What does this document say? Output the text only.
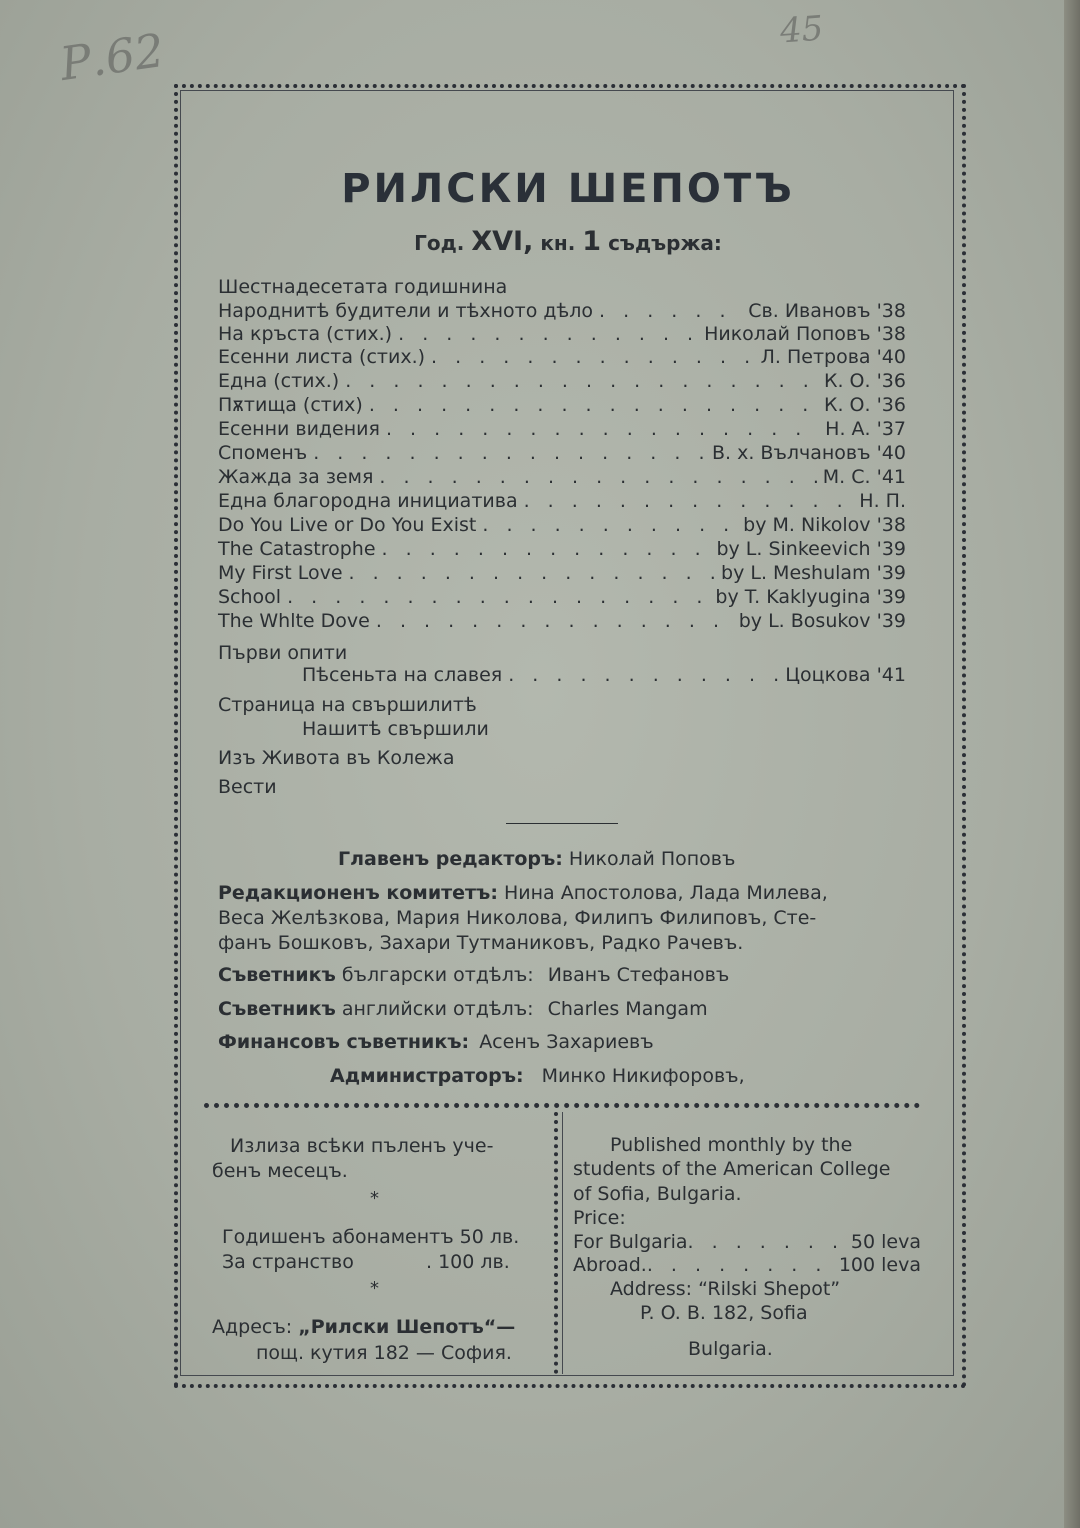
Р.62	45
РИЛСКИ ШЕПОТЪ
Год. XVI, кн. 1 съдържа:
Шестнадесетата годишнина
Народнитѣ будители и тѣхното дѣло . . .	Св. Ивановъ '38
На кръста (стих.) . . .	Николай Поповъ '38
Есенни листа (стих.) . . .	Л. Петрова '40
Една (стих.) . . .	К. О. '36
Пѫтища (стих) . . .	К. О. '36
Есенни видения . . .	Н. А. '37
Споменъ . . .	В. х. Вълчановъ '40
Жажда за земя . . .	М. С. '41
Една благородна инициатива . . .	Н. П.
Do You Live or Do You Exist . . .	by M. Nikolov '38
The Catastrophe . . .	by L. Sinkeevich '39
My First Love . . .	by L. Meshulam '39
School . . .	by T. Kaklyugina '39
The Whlte Dove . . .	by L. Bosukov '39
Първи опити
Пѣсеньта на славея . . .	Цоцкова '41
Страница на свършилитѣ
Нашитѣ свършили
Изъ Живота въ Колежа
Вести
Главенъ редакторъ: Николай Поповъ
Редакционенъ комитетъ: Нина Апостолова, Лада Милева,
Веса Желѣзкова, Мария Николова, Филипъ Филиповъ, Сте-
фанъ Бошковъ, Захари Тутманиковъ, Радко Рачевъ.
Съветникъ български отдѣлъ: Иванъ Стефановъ
Съветникъ английски отдѣлъ: Charles Mangam
Финансовъ съветникъ: Асенъ Захариевъ
Администраторъ: Минко Никифоровъ,
Излиза всѣки пъленъ уче-
бенъ месецъ.
*
Годишенъ абонаментъ 50 лв.
За странство	. 100 лв.
*
Адресъ: „Рилски Шепотъ“—
пощ. кутия 182 — София.
Published monthly by the
students of the American College
of Sofia, Bulgaria.
Price:
For Bulgaria . . .	50 leva
Abroad. . . .	100 leva
Address: “Rilski Shepot”
P. O. B. 182, Sofia
Bulgaria.
